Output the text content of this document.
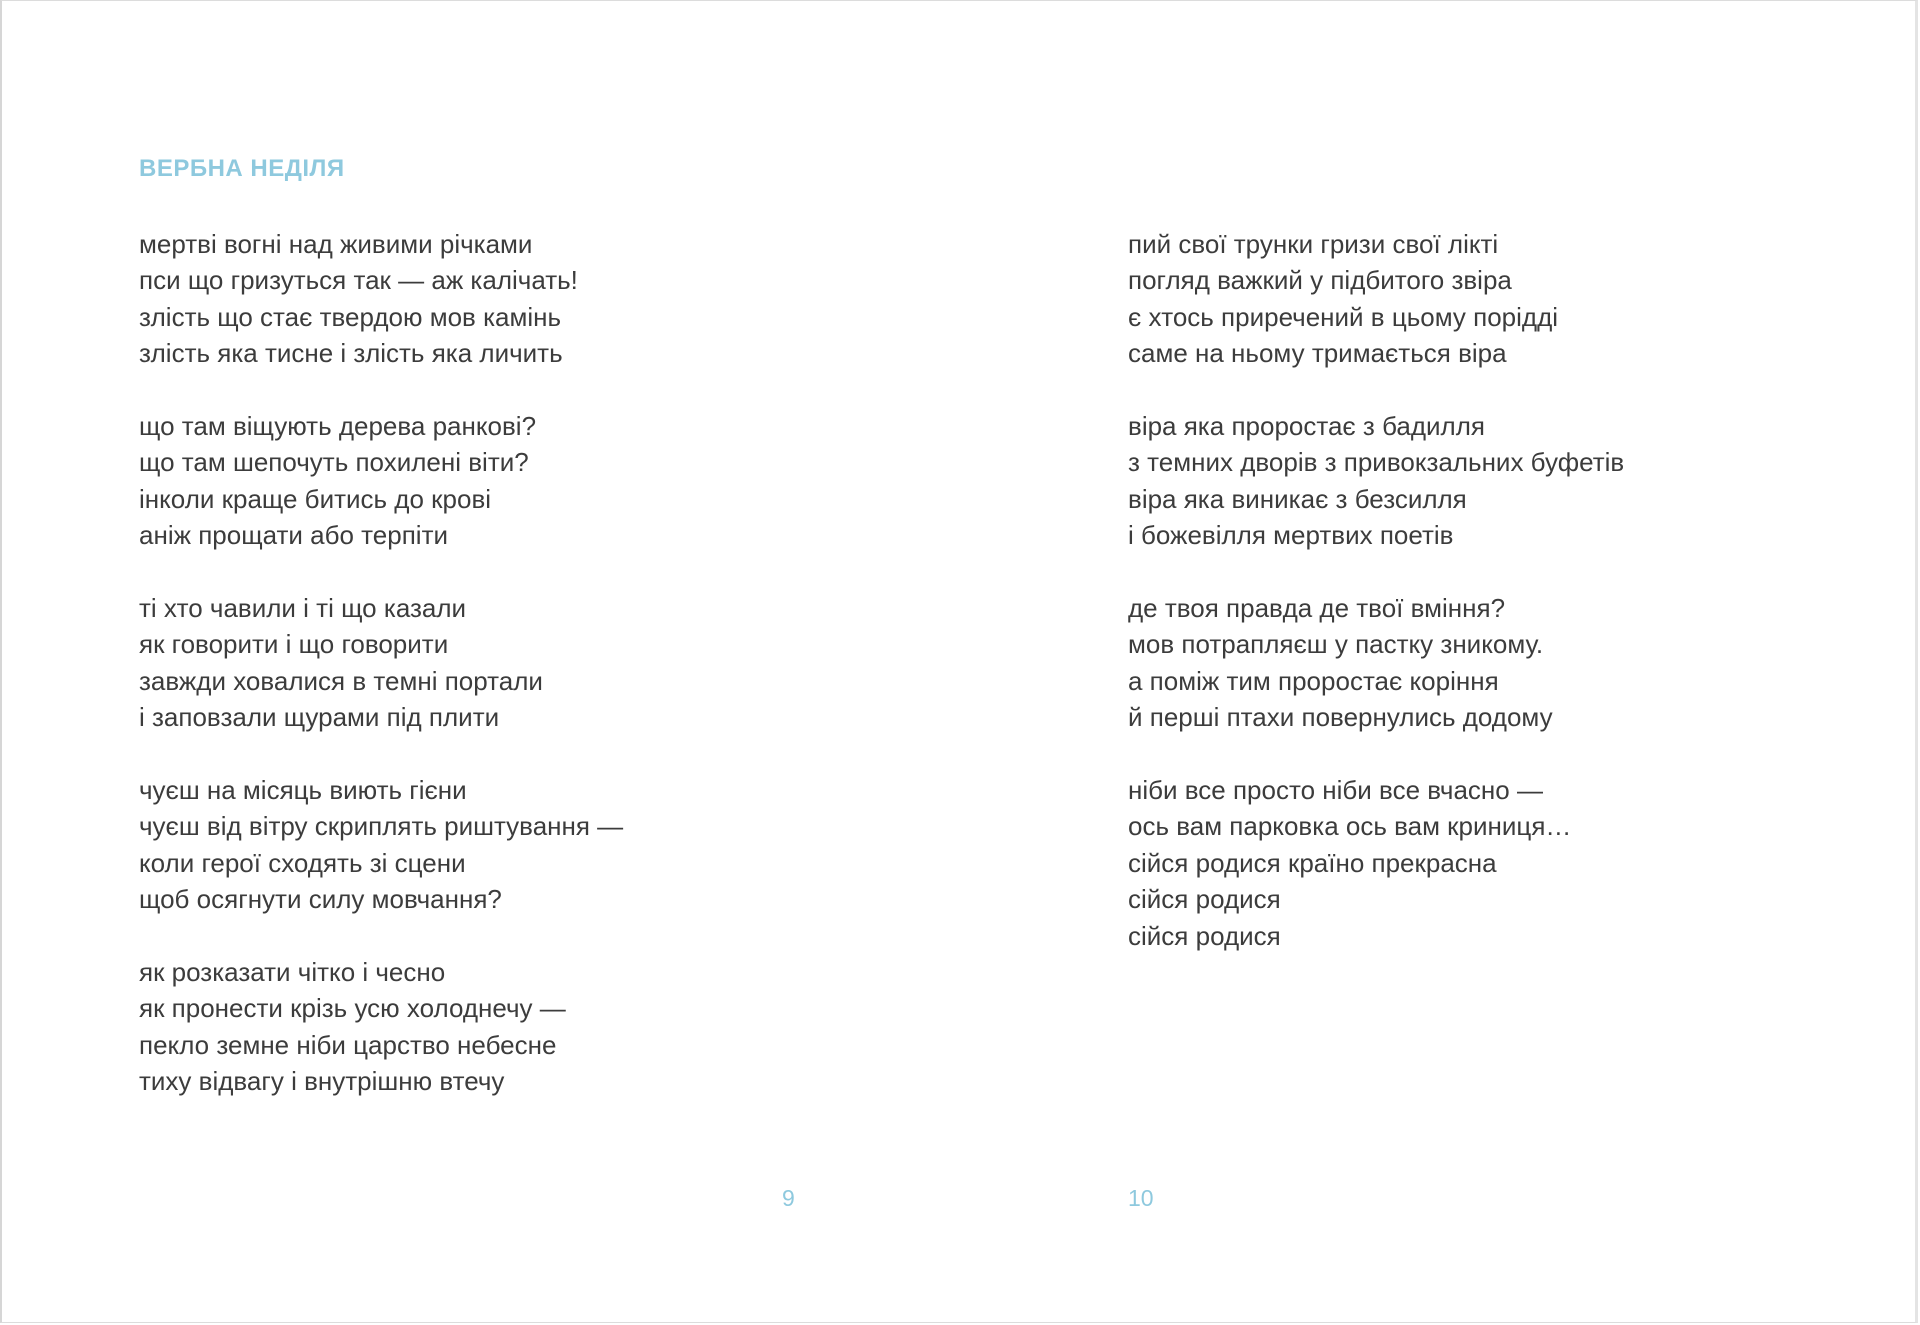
ВЕРБНА НЕДІЛЯ
мертві вогні над живими річками
пси що гризуться так — аж калічать!
злість що стає твердою мов камінь
злість яка тисне і злість яка личить
що там віщують дерева ранкові?
що там шепочуть похилені віти?
інколи краще битись до крові
аніж прощати або терпіти
ті хто чавили і ті що казали
як говорити і що говорити
завжди ховалися в темні портали
і заповзали щурами під плити
чуєш на місяць виють гієни
чуєш від вітру скриплять риштування —
коли герої сходять зі сцени
щоб осягнути силу мовчання?
як розказати чітко і чесно
як пронести крізь усю холоднечу —
пекло земне ніби царство небесне
тиху відвагу і внутрішню втечу
пий свої трунки гризи свої лікті
погляд важкий у підбитого звіра
є хтось приречений в цьому поріддi
саме на ньому тримається віра
віра яка проростає з бадилля
з темних дворів з привокзальних буфетів
віра яка виникає з безсилля
і божевілля мертвих поетів
де твоя правда де твої вміння?
мов потрапляєш у пастку зникому.
а поміж тим проростає коріння
й перші птахи повернулись додому
ніби все просто ніби все вчасно —
ось вам парковка ось вам криниця…
сійся родися країно прекрасна
сійся родися
сійся родися
9	10
